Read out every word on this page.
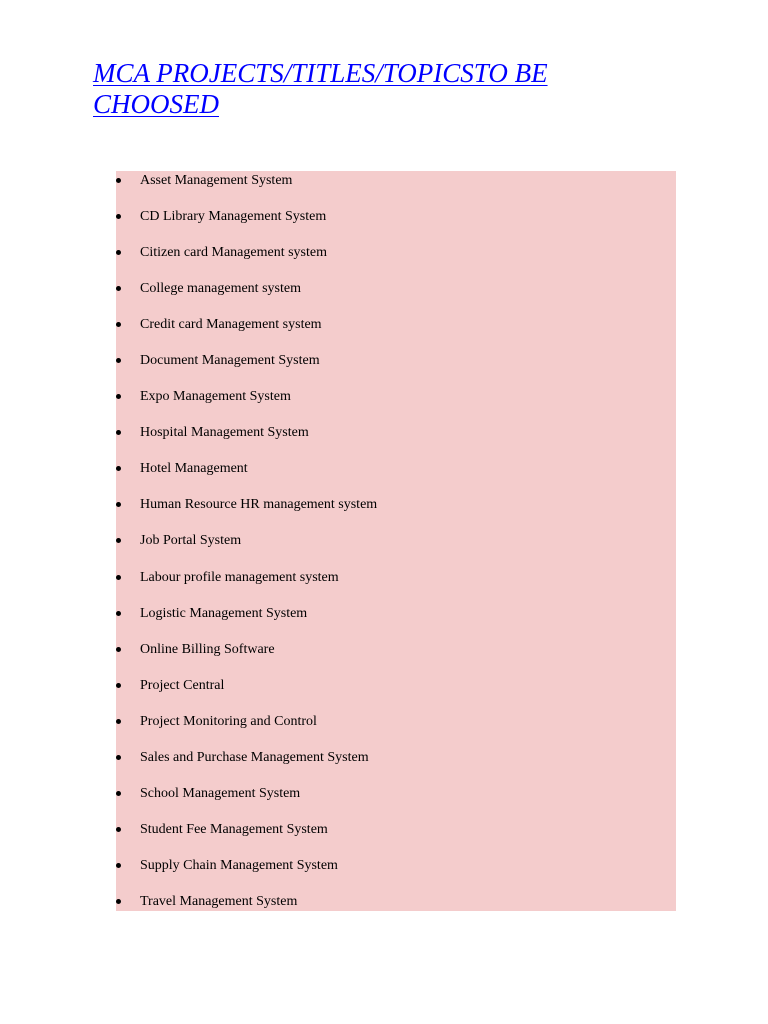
MCA PROJECTS/TITLES/TOPICSTO BE CHOOSED
Asset Management System
CD Library Management System
Citizen card Management system
College management system
Credit card Management system
Document Management System
Expo Management System
Hospital Management System
Hotel Management
Human Resource HR management system
Job Portal System
Labour profile management system
Logistic Management System
Online Billing Software
Project Central
Project Monitoring and Control
Sales and Purchase Management System
School Management System
Student Fee Management System
Supply Chain Management System
Travel Management System
